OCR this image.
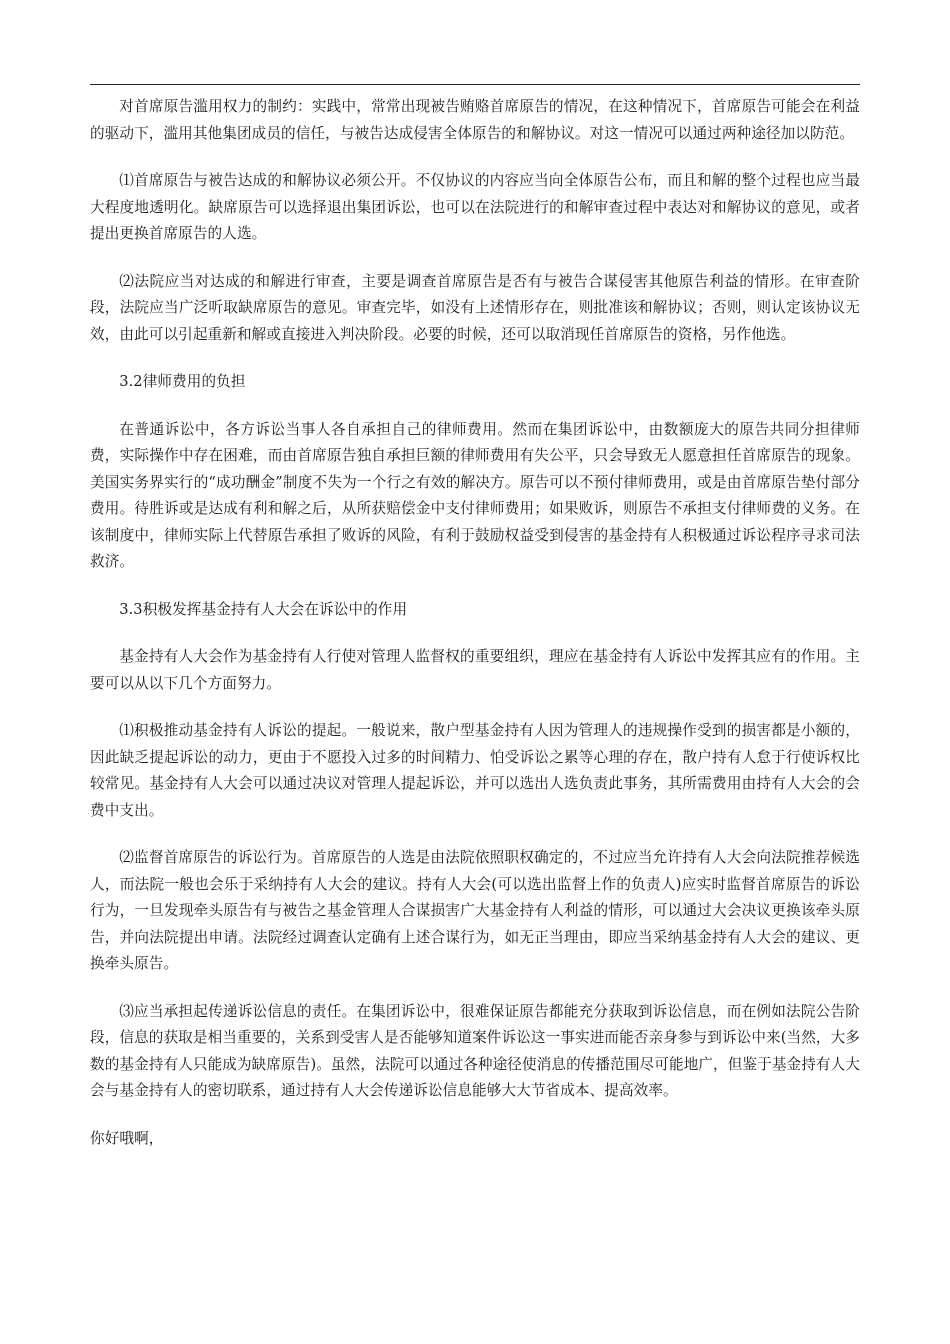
对首席原告滥用权力的制约：实践中，常常出现被告贿赂首席原告的情况，在这种情况下，首席原告可能会在利益的驱动下，滥用其他集团成员的信任，与被告达成侵害全体原告的和解协议。对这一情况可以通过两种途径加以防范。

⑴首席原告与被告达成的和解协议必须公开。不仅协议的内容应当向全体原告公布，而且和解的整个过程也应当最大程度地透明化。缺席原告可以选择退出集团诉讼，也可以在法院进行的和解审查过程中表达对和解协议的意见，或者提出更换首席原告的人选。

⑵法院应当对达成的和解进行审查，主要是调查首席原告是否有与被告合谋侵害其他原告利益的情形。在审查阶段，法院应当广泛听取缺席原告的意见。审查完毕，如没有上述情形存在，则批准该和解协议；否则，则认定该协议无效，由此可以引起重新和解或直接进入判决阶段。必要的时候，还可以取消现任首席原告的资格，另作他选。

3.2律师费用的负担

在普通诉讼中，各方诉讼当事人各自承担自己的律师费用。然而在集团诉讼中，由数额庞大的原告共同分担律师费，实际操作中存在困难，而由首席原告独自承担巨额的律师费用有失公平，只会导致无人愿意担任首席原告的现象。美国实务界实行的“成功酬金”制度不失为一个行之有效的解决方。原告可以不预付律师费用，或是由首席原告垫付部分费用。待胜诉或是达成有利和解之后，从所获赔偿金中支付律师费用；如果败诉，则原告不承担支付律师费的义务。在该制度中，律师实际上代替原告承担了败诉的风险，有利于鼓励权益受到侵害的基金持有人积极通过诉讼程序寻求司法救济。

3.3积极发挥基金持有人大会在诉讼中的作用

基金持有人大会作为基金持有人行使对管理人监督权的重要组织，理应在基金持有人诉讼中发挥其应有的作用。主要可以从以下几个方面努力。

⑴积极推动基金持有人诉讼的提起。一般说来，散户型基金持有人因为管理人的违规操作受到的损害都是小额的，因此缺乏提起诉讼的动力，更由于不愿投入过多的时间精力、怕受诉讼之累等心理的存在，散户持有人怠于行使诉权比较常见。基金持有人大会可以通过决议对管理人提起诉讼，并可以选出人选负责此事务，其所需费用由持有人大会的会费中支出。

⑵监督首席原告的诉讼行为。首席原告的人选是由法院依照职权确定的，不过应当允许持有人大会向法院推荐候选人，而法院一般也会乐于采纳持有人大会的建议。持有人大会(可以选出监督上作的负责人)应实时监督首席原告的诉讼行为，一旦发现牵头原告有与被告之基金管理人合谋损害广大基金持有人利益的情形，可以通过大会决议更换该牵头原告，并向法院提出申请。法院经过调查认定确有上述合谋行为，如无正当理由，即应当采纳基金持有人大会的建议、更换牵头原告。

⑶应当承担起传递诉讼信息的责任。在集团诉讼中，很难保证原告都能充分获取到诉讼信息，而在例如法院公告阶段，信息的获取是相当重要的，关系到受害人是否能够知道案件诉讼这一事实进而能否亲身参与到诉讼中来(当然，大多数的基金持有人只能成为缺席原告)。虽然，法院可以通过各种途径使消息的传播范围尽可能地广，但鉴于基金持有人大会与基金持有人的密切联系，通过持有人大会传递诉讼信息能够大大节省成本、提高效率。

你好哦啊，
